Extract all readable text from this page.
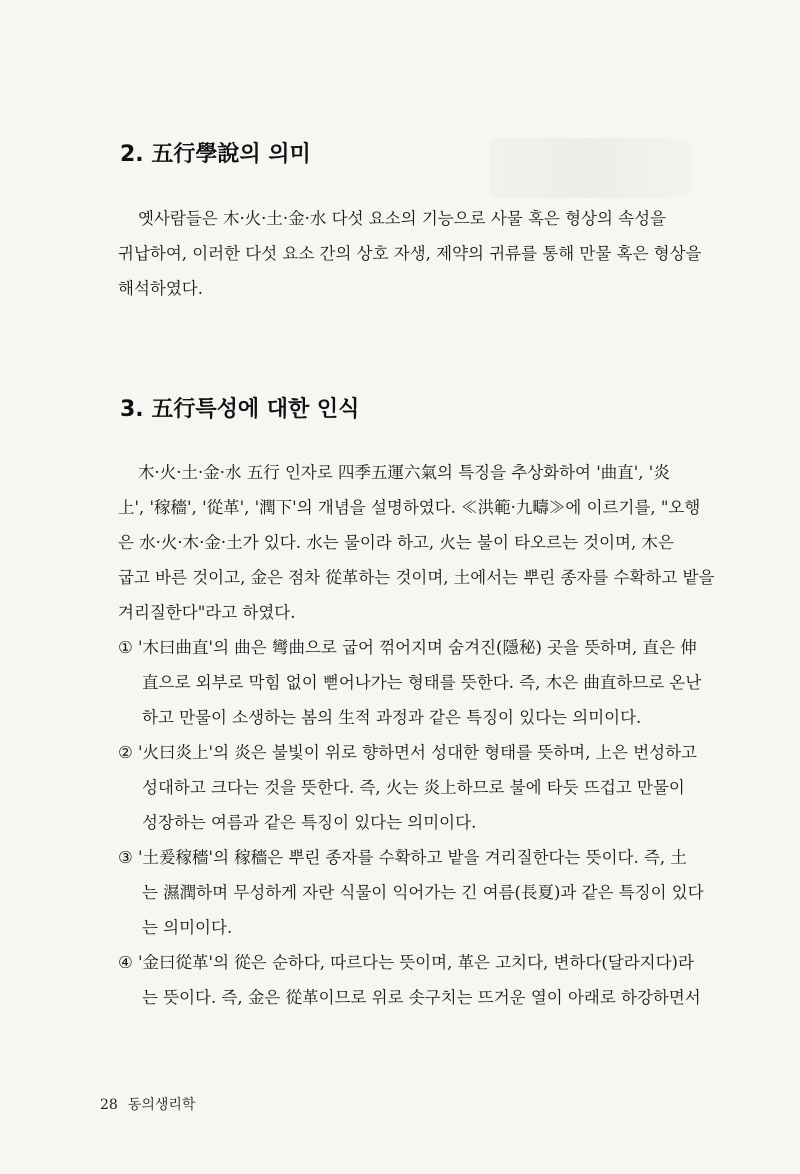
2. 五行學說의 의미
옛사람들은 木·火·土·金·水 다섯 요소의 기능으로 사물 혹은 형상의 속성을
귀납하여, 이러한 다섯 요소 간의 상호 자생, 제약의 귀류를 통해 만물 혹은 형상을
해석하였다.
3. 五行특성에 대한 인식
木·火·土·金·水 五行 인자로 四季五運六氣의 특징을 추상화하여 '曲直', '炎
上', '稼穡', '從革', '潤下'의 개념을 설명하였다. ≪洪範·九疇≫에 이르기를, "오행
은 水·火·木·金·土가 있다. 水는 물이라 하고, 火는 불이 타오르는 것이며, 木은
굽고 바른 것이고, 金은 점차 從革하는 것이며, 土에서는 뿌린 종자를 수확하고 밭을
겨리질한다"라고 하였다.
① '木曰曲直'의 曲은 彎曲으로 굽어 꺾어지며 숨겨진(隱秘) 곳을 뜻하며, 直은 伸
直으로 외부로 막힘 없이 뻗어나가는 형태를 뜻한다. 즉, 木은 曲直하므로 온난
하고 만물이 소생하는 봄의 生적 과정과 같은 특징이 있다는 의미이다.
② '火曰炎上'의 炎은 불빛이 위로 향하면서 성대한 형태를 뜻하며, 上은 번성하고
성대하고 크다는 것을 뜻한다. 즉, 火는 炎上하므로 불에 타듯 뜨겁고 만물이
성장하는 여름과 같은 특징이 있다는 의미이다.
③ '土爰稼穡'의 稼穡은 뿌린 종자를 수확하고 밭을 겨리질한다는 뜻이다. 즉, 土
는 濕潤하며 무성하게 자란 식물이 익어가는 긴 여름(長夏)과 같은 특징이 있다
는 의미이다.
④ '金曰從革'의 從은 순하다, 따르다는 뜻이며, 革은 고치다, 변하다(달라지다)라
는 뜻이다. 즉, 金은 從革이므로 위로 솟구치는 뜨거운 열이 아래로 하강하면서
28 동의생리학
